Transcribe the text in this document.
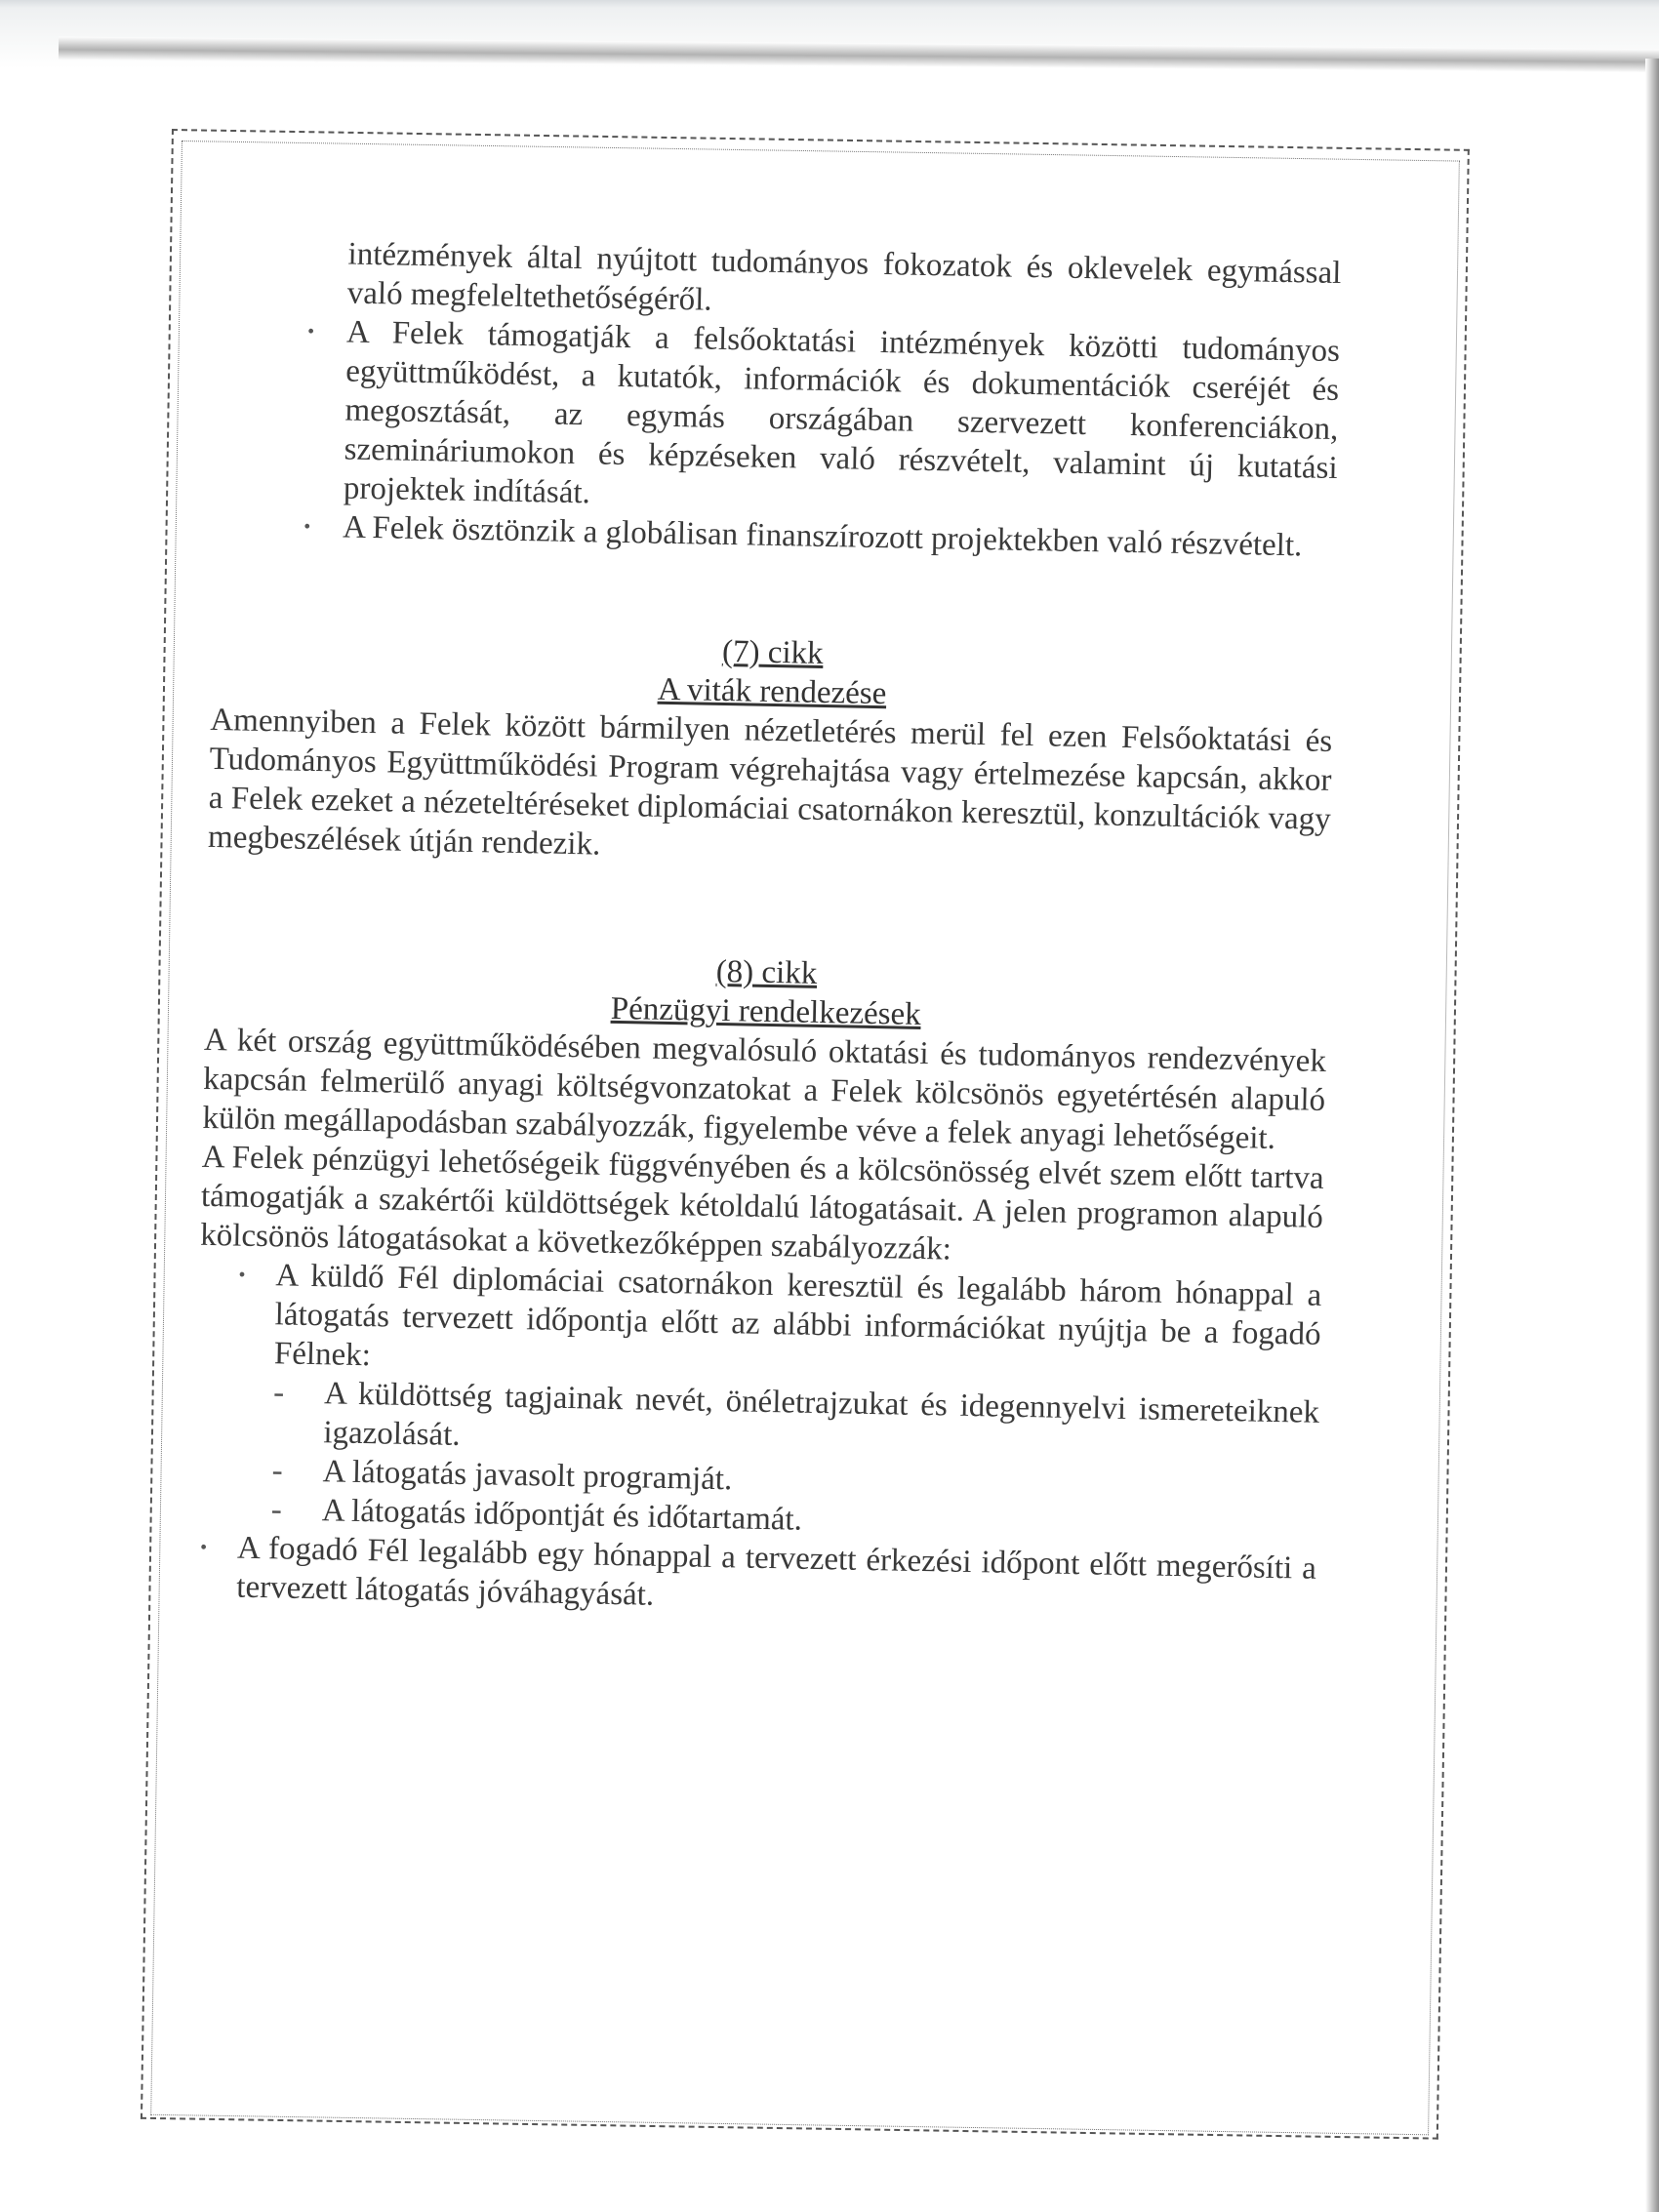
intézmények által nyújtott tudományos fokozatok és oklevelek egymással való megfeleltethetőségéről.

• A Felek támogatják a felsőoktatási intézmények közötti tudományos együttműködést, a kutatók, információk és dokumentációk cseréjét és megosztását, az egymás országában szervezett konferenciákon, szemináriumokon és képzéseken való részvételt, valamint új kutatási projektek indítását.

• A Felek ösztönzik a globálisan finanszírozott projektekben való részvételt.

(7) cikk
A viták rendezése

Amennyiben a Felek között bármilyen nézetletérés merül fel ezen Felsőoktatási és Tudományos Együttműködési Program végrehajtása vagy értelmezése kapcsán, akkor a Felek ezeket a nézeteltéréseket diplomáciai csatornákon keresztül, konzultációk vagy megbeszélések útján rendezik.

(8) cikk
Pénzügyi rendelkezések

A két ország együttműködésében megvalósuló oktatási és tudományos rendezvények kapcsán felmerülő anyagi költségvonzatokat a Felek kölcsönös egyetértésén alapuló külön megállapodásban szabályozzák, figyelembe véve a felek anyagi lehetőségeit.

A Felek pénzügyi lehetőségeik függvényében és a kölcsönösség elvét szem előtt tartva támogatják a szakértői küldöttségek kétoldalú látogatásait. A jelen programon alapuló kölcsönös látogatásokat a következőképpen szabályozzák:

• A küldő Fél diplomáciai csatornákon keresztül és legalább három hónappal a látogatás tervezett időpontja előtt az alábbi információkat nyújtja be a fogadó Félnek:

- A küldöttség tagjainak nevét, önéletrajzukat és idegennyelvi ismereteiknek igazolását.

- A látogatás javasolt programját.

- A látogatás időpontját és időtartamát.

• A fogadó Fél legalább egy hónappal a tervezett érkezési időpont előtt megerősíti a tervezett látogatás jóváhagyását.
